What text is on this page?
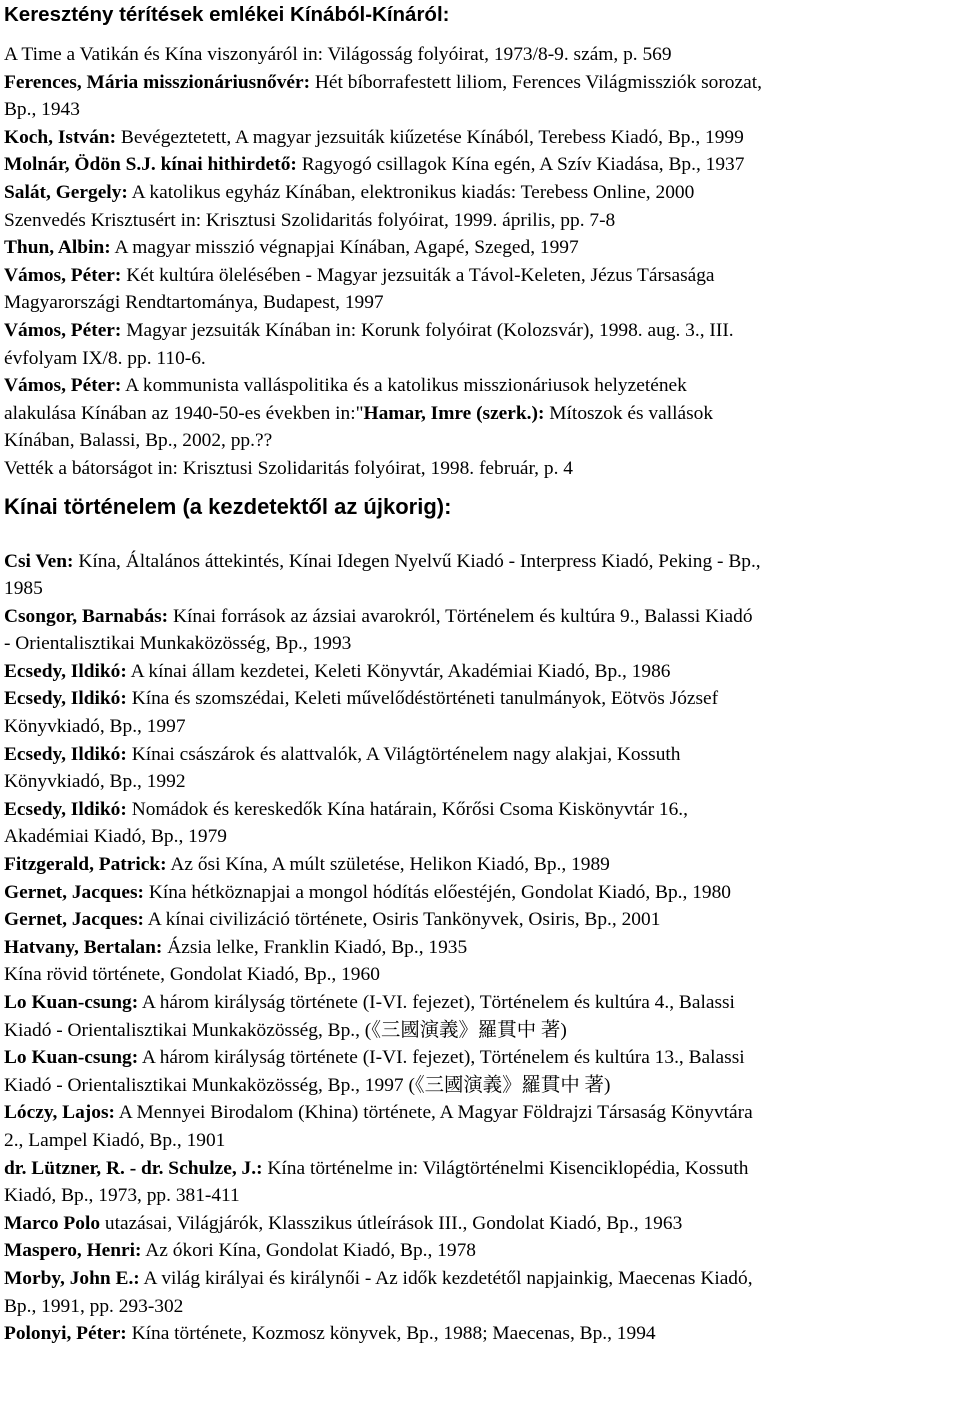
Keresztény térítések emlékei Kínából-Kínáról:

A Time a Vatikán és Kína viszonyáról in: Világosság folyóirat, 1973/8-9. szám, p. 569

Ferences, Mária misszionáriusnővér: Hét bíborrafestett liliom, Ferences Világmissziók sorozat,
Bp., 1943

Koch, István: Bevégeztetett, A magyar jezsuiták kiűzetése Kínából, Terebess Kiadó, Bp., 1999

Molnár, Ödön S.J. kínai hithirdető: Ragyogó csillagok Kína egén, A Szív Kiadása, Bp., 1937

Salát, Gergely: A katolikus egyház Kínában, elektronikus kiadás: Terebess Online, 2000

Szenvedés Krisztusért in: Krisztusi Szolidaritás folyóirat, 1999. április, pp. 7-8

Thun, Albin: A magyar misszió végnapjai Kínában, Agapé, Szeged, 1997

Vámos, Péter: Két kultúra ölelésében - Magyar jezsuiták a Távol-Keleten, Jézus Társasága
Magyarországi Rendtartománya, Budapest, 1997

Vámos, Péter: Magyar jezsuiták Kínában in: Korunk folyóirat (Kolozsvár), 1998. aug. 3., III.
évfolyam IX/8. pp. 110-6.

Vámos, Péter: A kommunista valláspolitika és a katolikus misszionáriusok helyzetének
alakulása Kínában az 1940-50-es években in:"Hamar, Imre (szerk.): Mítoszok és vallások
Kínában, Balassi, Bp., 2002, pp.??

Vették a bátorságot in: Krisztusi Szolidaritás folyóirat, 1998. február, p. 4

Kínai történelem (a kezdetektől az újkorig):

Csi Ven: Kína, Általános áttekintés, Kínai Idegen Nyelvű Kiadó - Interpress Kiadó, Peking - Bp.,
1985

Csongor, Barnabás: Kínai források az ázsiai avarokról, Történelem és kultúra 9., Balassi Kiadó
- Orientalisztikai Munkaközösség, Bp., 1993

Ecsedy, Ildikó: A kínai állam kezdetei, Keleti Könyvtár, Akadémiai Kiadó, Bp., 1986

Ecsedy, Ildikó: Kína és szomszédai, Keleti művelődéstörténeti tanulmányok, Eötvös József
Könyvkiadó, Bp., 1997

Ecsedy, Ildikó: Kínai császárok és alattvalók, A Világtörténelem nagy alakjai, Kossuth
Könyvkiadó, Bp., 1992

Ecsedy, Ildikó: Nomádok és kereskedők Kína határain, Kőrősi Csoma Kiskönyvtár 16.,
Akadémiai Kiadó, Bp., 1979

Fitzgerald, Patrick: Az ősi Kína, A múlt születése, Helikon Kiadó, Bp., 1989

Gernet, Jacques: Kína hétköznapjai a mongol hódítás előestéjén, Gondolat Kiadó, Bp., 1980

Gernet, Jacques: A kínai civilizáció története, Osiris Tankönyvek, Osiris, Bp., 2001

Hatvany, Bertalan: Ázsia lelke, Franklin Kiadó, Bp., 1935

Kína rövid története, Gondolat Kiadó, Bp., 1960

Lo Kuan-csung: A három királyság története (I-VI. fejezet), Történelem és kultúra 4., Balassi
Kiadó - Orientalisztikai Munkaközösség, Bp., (《三國演義》羅貫中 著)

Lo Kuan-csung: A három királyság története (I-VI. fejezet), Történelem és kultúra 13., Balassi
Kiadó - Orientalisztikai Munkaközösség, Bp., 1997 (《三國演義》羅貫中 著)

Lóczy, Lajos: A Mennyei Birodalom (Khina) története, A Magyar Földrajzi Társaság Könyvtára
2., Lampel Kiadó, Bp., 1901

dr. Lützner, R. - dr. Schulze, J.: Kína történelme in: Világtörténelmi Kisenciklopédia, Kossuth
Kiadó, Bp., 1973, pp. 381-411

Marco Polo utazásai, Világjárók, Klasszikus útleírások III., Gondolat Kiadó, Bp., 1963

Maspero, Henri: Az ókori Kína, Gondolat Kiadó, Bp., 1978

Morby, John E.: A világ királyai és királynői - Az idők kezdetétől napjainkig, Maecenas Kiadó,
Bp., 1991, pp. 293-302

Polonyi, Péter: Kína története, Kozmosz könyvek, Bp., 1988; Maecenas, Bp., 1994
